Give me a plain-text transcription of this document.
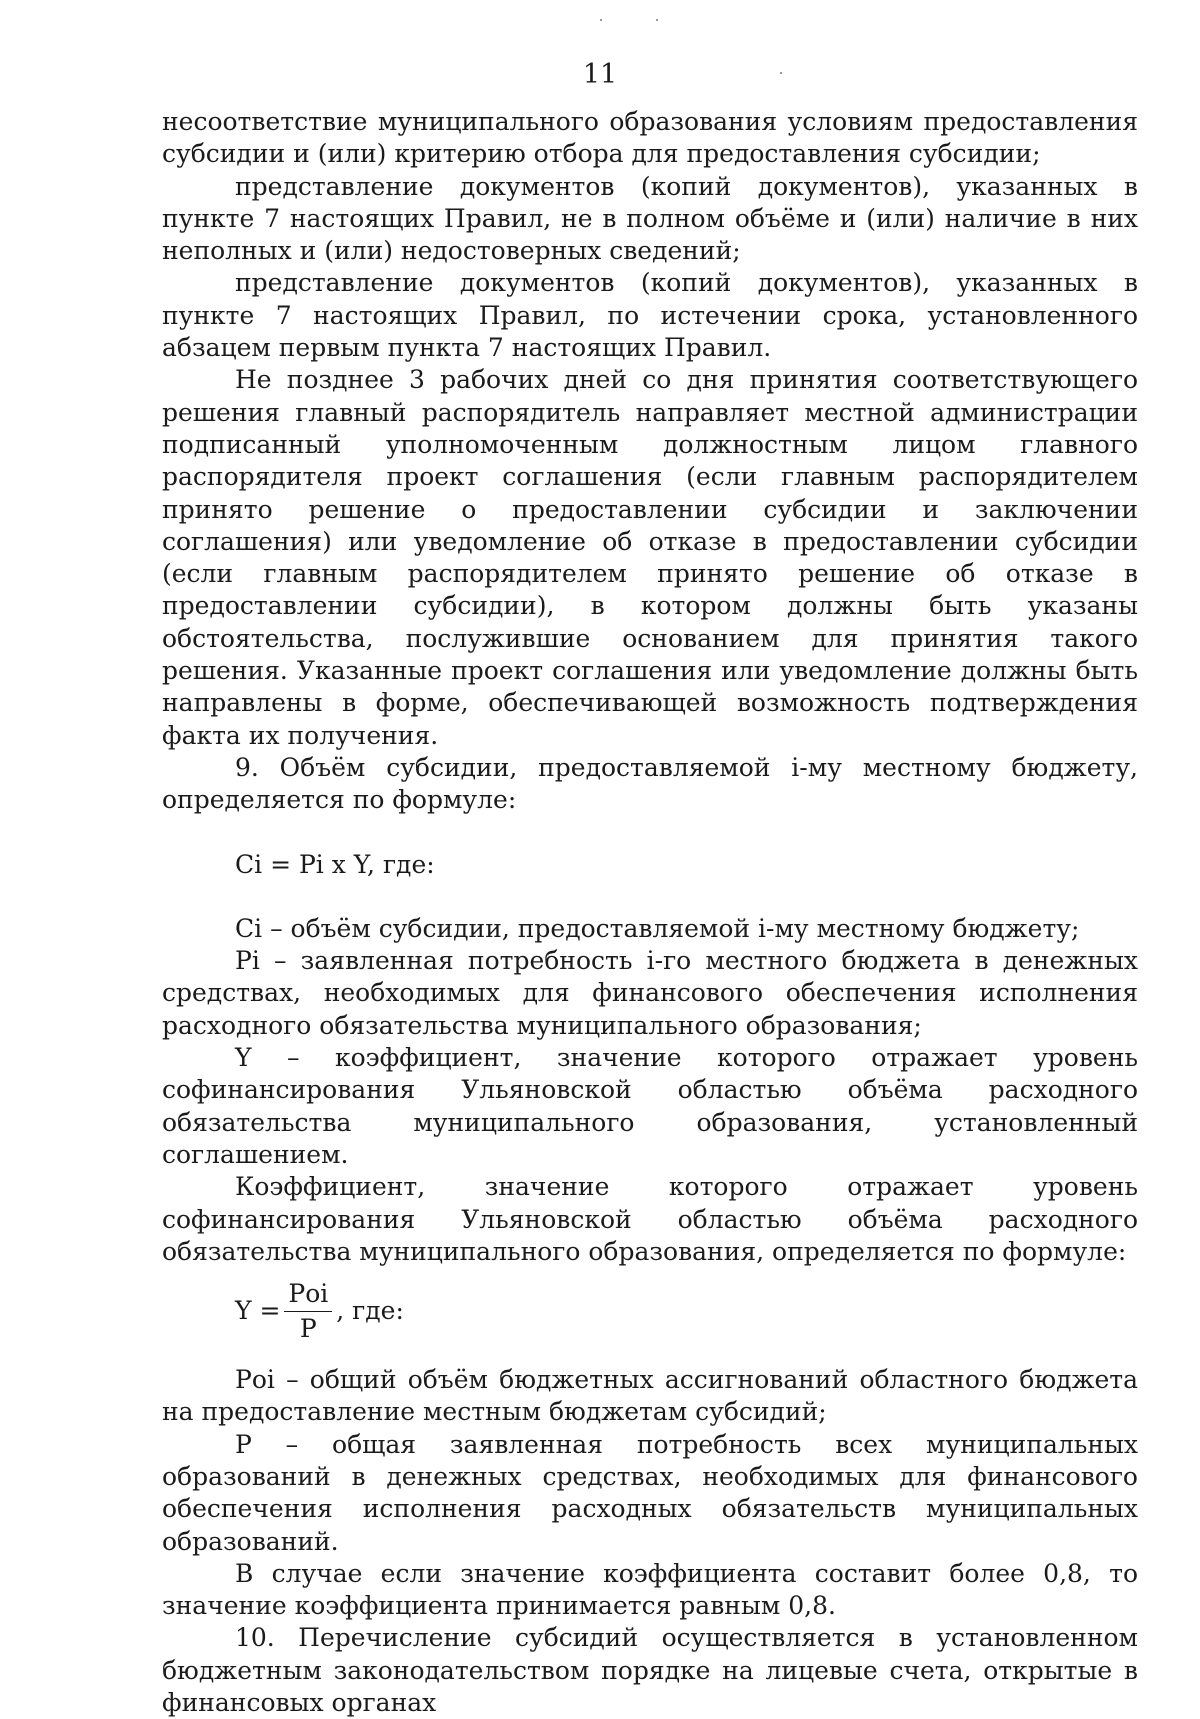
11

несоответствие муниципального образования условиям предоставления субсидии и (или) критерию отбора для предоставления субсидии;

представление документов (копий документов), указанных в пункте 7 настоящих Правил, не в полном объёме и (или) наличие в них неполных и (или) недостоверных сведений;

представление документов (копий документов), указанных в пункте 7 настоящих Правил, по истечении срока, установленного абзацем первым пункта 7 настоящих Правил.

Не позднее 3 рабочих дней со дня принятия соответствующего решения главный распорядитель направляет местной администрации подписанный уполномоченным должностным лицом главного распорядителя проект соглашения (если главным распорядителем принято решение о предоставлении субсидии и заключении соглашения) или уведомление об отказе в предоставлении субсидии (если главным распорядителем принято решение об отказе в предоставлении субсидии), в котором должны быть указаны обстоятельства, послужившие основанием для принятия такого решения. Указанные проект соглашения или уведомление должны быть направлены в форме, обеспечивающей возможность подтверждения факта их получения.

9. Объём субсидии, предоставляемой i-му местному бюджету, определяется по формуле:

Сi = Рi х Y, где:

Сi – объём субсидии, предоставляемой i-му местному бюджету;

Рi – заявленная потребность i-го местного бюджета в денежных средствах, необходимых для финансового обеспечения исполнения расходного обязательства муниципального образования;

Y – коэффициент, значение которого отражает уровень софинансирования Ульяновской областью объёма расходного обязательства муниципального образования, установленный соглашением.

Коэффициент, значение которого отражает уровень софинансирования Ульяновской областью объёма расходного обязательства муниципального образования, определяется по формуле:

$Y = \frac{\text{Роi}}{Р}$ , где:

Роi – общий объём бюджетных ассигнований областного бюджета на предоставление местным бюджетам субсидий;

Р – общая заявленная потребность всех муниципальных образований в денежных средствах, необходимых для финансового обеспечения исполнения расходных обязательств муниципальных образований.

В случае если значение коэффициента составит более 0,8, то значение коэффициента принимается равным 0,8.

10. Перечисление субсидий осуществляется в установленном бюджетным законодательством порядке на лицевые счета, открытые в финансовых органах
